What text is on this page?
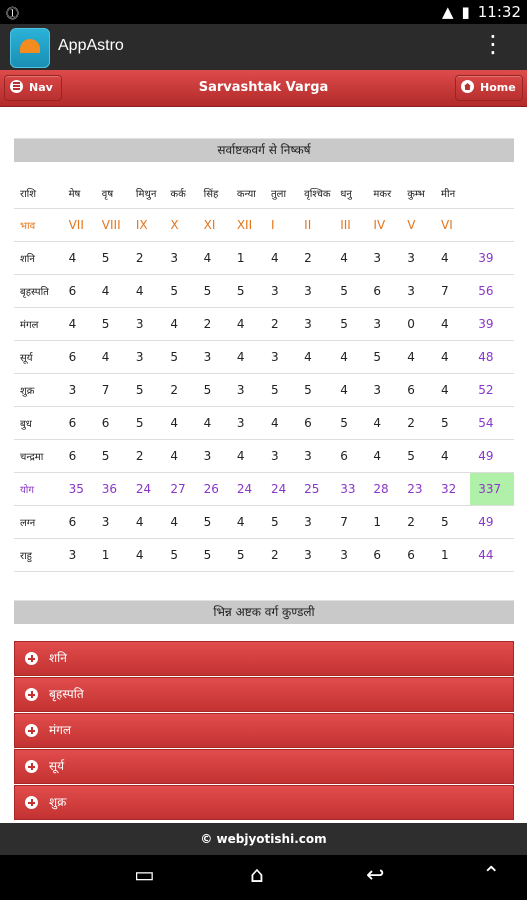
⓵	▲ ▮ 11:32
AppAstro	⋮
Nav	Sarvashtak Varga	Home
सर्वाष्टकवर्ग से निष्कर्ष
राशि	मेष	वृष	मिथुन	कर्क	सिंह	कन्या	तुला	वृश्चिक	धनु	मकर	कुम्भ	मीन	
भाव	VII	VIII	IX	X	XI	XII	I	II	III	IV	V	VI	
शनि	4	5	2	3	4	1	4	2	4	3	3	4	39
बृहस्पति	6	4	4	5	5	5	3	3	5	6	3	7	56
मंगल	4	5	3	4	2	4	2	3	5	3	0	4	39
सूर्य	6	4	3	5	3	4	3	4	4	5	4	4	48
शुक्र	3	7	5	2	5	3	5	5	4	3	6	4	52
बुध	6	6	5	4	4	3	4	6	5	4	2	5	54
चन्द्रमा	6	5	2	4	3	4	3	3	6	4	5	4	49
योग	35	36	24	27	26	24	24	25	33	28	23	32	337
लग्न	6	3	4	4	5	4	5	3	7	1	2	5	49
राहु	3	1	4	5	5	5	2	3	3	6	6	1	44
भिन्न अष्टक वर्ग कुण्डली
शनि
बृहस्पति
मंगल
सूर्य
शुक्र
© webjyotishi.com
▭	⌂	↩	⌃
